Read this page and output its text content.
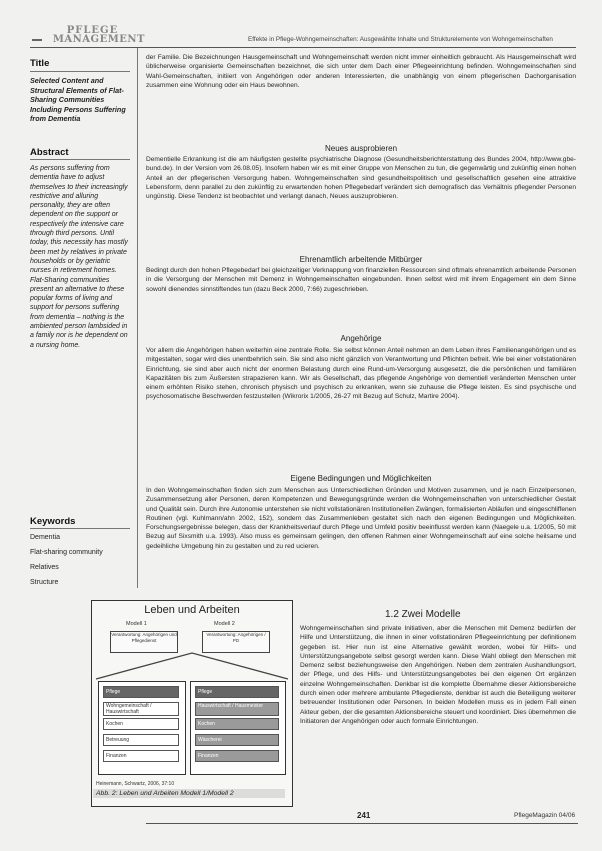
PFLEGE
MANAGEMENT	Effekte in Pflege-Wohngemeinschaften: Ausgewählte Inhalte und Strukturelemente von Wohngemeinschaften
Title
Selected Content and Structural Elements of Flat-Sharing Communities Including Persons Suffering from Dementia
Abstract
As persons suffering from dementia have to adjust themselves to their increasingly restrictive and alluring personality, they are often dependent on the support or respectively the intensive care through third persons. Until today, this necessity has mostly been met by relatives in private households or by geriatric nurses in retirement homes. Flat-Sharing communities present an alternative to these popular forms of living and support for persons suffering from dementia – nothing is the ambiented person lambsided in a family nor is he dependent on a nursing home.
Keywords
Dementia
Flat-sharing community
Relatives
Structure
der Familie. Die Bezeichnungen Hausgemeinschaft und Wohngemeinschaft werden nicht immer einheitlich gebraucht. Als Hausgemeinschaft wird üblicherweise organisierte Gemeinschaften bezeichnet, die sich unter dem Dach einer Pflegeeinrichtung befinden. Wohngemeinschaften sind Wahl-Gemeinschaften, initiiert von Angehörigen oder anderen Interessierten, die unabhängig von einem pflegerischen Dachorganisation zusammen eine Wohnung oder ein Haus bewohnen.
Neues ausprobieren
Dementielle Erkrankung ist die am häufigsten gestellte psychiatrische Diagnose (Gesundheitsberichterstattung des Bundes 2004, http://www.gbe-bund.de). In der Version vom 26.08.05). Insofern haben wir es mit einer Gruppe von Menschen zu tun, die gegenwärtig und zukünftig einen hohen Anteil an der pflegerischen Versorgung haben. Wohngemeinschaften sind gesundheitspolitisch und gesellschaftlich gesehen eine attraktive Lebensform, denn parallel zu den zukünftig zu erwartenden hohen Pflegebedarf verändert sich demografisch das Verhältnis pflegender Personen ungünstig. Diese Tendenz ist beobachtet und verlangt danach, Neues auszuprobieren.
Ehrenamtlich arbeitende Mitbürger
Bedingt durch den hohen Pflegebedarf bei gleichzeitiger Verknappung von finanziellen Ressourcen sind oftmals ehrenamtlich arbeitende Personen in die Versorgung der Menschen mit Demenz in Wohngemeinschaften eingebunden. Ihnen selbst wird mit ihrem Engagement ein dem Sinne sowohl dienendes sinnstiftendes tun (dazu Beck 2000, 7:66) zugeschrieben.
Angehörige
Vor allem die Angehörigen haben weiterhin eine zentrale Rolle. Sie selbst können Anteil nehmen an dem Leben ihres Familienangehörigen und es mitgestalten, sogar wird dies unentbehrlich sein. Sie sind also nicht gänzlich von Verantwortung und Pflichten befreit. Wie bei einer vollstationären Einrichtung, sie sind aber auch nicht der enormen Belastung durch eine Rund-um-Versorgung ausgesetzt, die die persönlichen und familiären Kapazitäten bis zum Äußersten strapazieren kann. Wir als Gesellschaft, das pflegende Angehörige von dementiell veränderten Menschen unter einem erhöhten Risiko stehen, chronisch physisch und psychisch zu erkranken, wenn sie zuhause die Pflege leisten. Es sind psychische und psychosomatische Beschwerden festzustellen (Wikrorix 1/2005, 26-27 mit Bezug auf Schulz, Martire 2004).
Eigene Bedingungen und Möglichkeiten
In den Wohngemeinschaften finden sich zum Menschen aus Unterschiedlichen Gründen und Motiven zusammen, und je nach Einzelpersonen, Zusammensetzung aller Personen, deren Kompetenzen und Bewegungsgründe werden die Wohngemeinschaften von unterschiedlicher Gestalt und Qualität sein. Durch ihre Autonomie unterstehen sie nicht vollstationären Institutionellen Zwängen, formalisierten Abläufen und eingeschliffenen Routinen (vgl. Kuhlmann/ahn 2002, 152), sondern das Zusammenleben gestaltet sich nach den eigenen Bedingungen und Möglichkeiten. Forschungsergebnisse belegen, dass der Krankheitsverlauf durch Pflege und Umfeld positiv beeinflusst werden kann (Naegele u.a. 1/2005, 50 mit Bezug auf Sixsmith u.a. 1993). Also muss es gemeinsam gelingen, den offenen Rahmen einer Wohngemeinschaft auf eine solche heilsame und gedeihliche Umgebung hin zu gestalten und zu red ucieren.
1.2 Zwei Modelle
Wohngemeinschaften sind private Initiativen, aber die Menschen mit Demenz bedürfen der Hilfe und Unterstützung, die ihnen in einer vollstationären Pflegeeinrichtung per definitionem gegeben ist. Hier nun ist eine Alternative gewählt worden, wobei für Hilfs- und Unterstützungsangebote selbst gesorgt werden kann. Diese Wahl obliegt den Menschen mit Demenz selbst beziehungsweise den Angehörigen. Neben dem zentralen Aushandlungsort, der Pflege, und des Hilfs- und Unterstützungsangebotes bei den eigenen Ort ergänzen einzelne Wohngemeinschaften. Denkbar ist die komplette Übernahme dieser Aktionsbereiche durch einen oder mehrere ambulante Pflegedienste, denkbar ist auch die Beteiligung weiterer betreuender Institutionen oder Personen. In beiden Modellen muss es in jedem Fall einen Akteur geben, der die gesamten Aktionsbereiche steuert und koordiniert. Dies übernehmen die Initiatoren der Angehörigen oder auch formale Einrichtungen.
Leben und Arbeiten
Modell 1	Modell 2
Verantwortung: Angehörigen und Pflegedienst
Verantwortung: Angehörigen / PD
Pflege
Wohngemeinschaft / Hauswirtschaft
Kochen
Betreuung
Finanzen
Pflege
Hauswirtschaft / Hausmeister
Kochen
Wäscherei
Finanzen
Heinemann, Schwartz, 2006, 37:10
Abb. 2: Leben und Arbeiten Modell 1/Modell 2
241	PflegeMagazin 04/06
